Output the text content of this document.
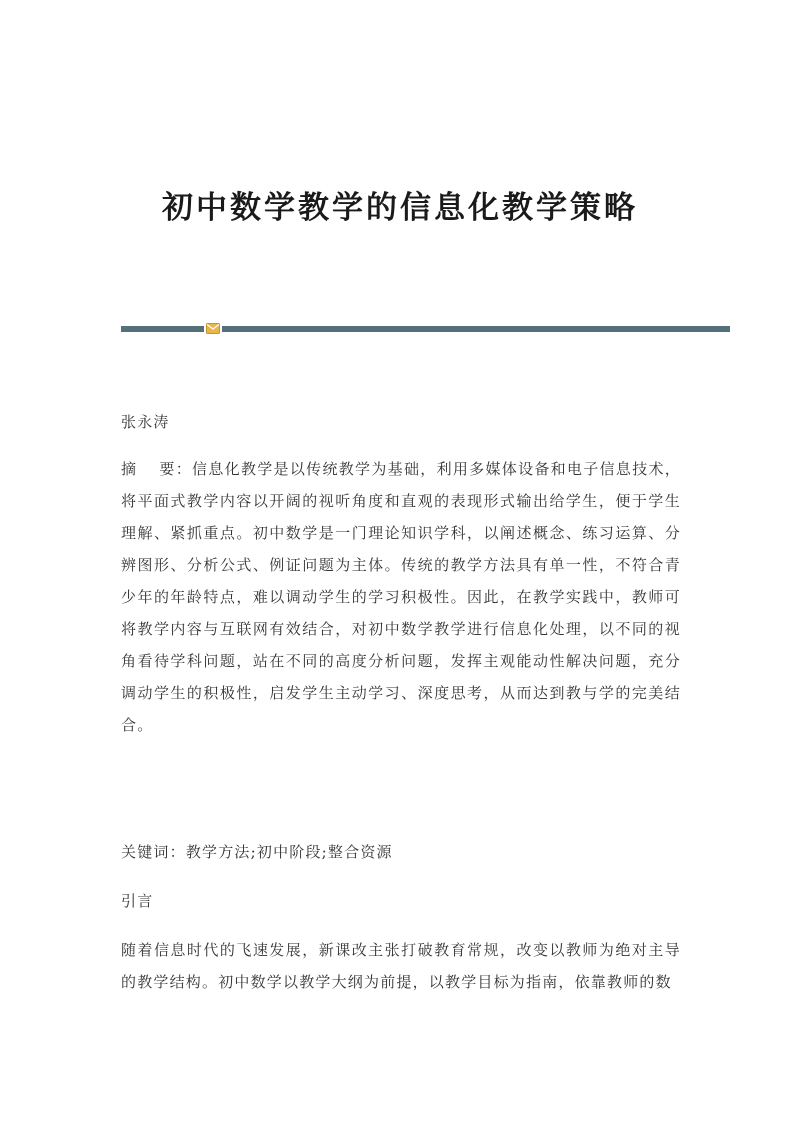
初中数学教学的信息化教学策略
张永涛
摘 要：信息化教学是以传统教学为基础，利用多媒体设备和电子信息技术，将平面式教学内容以开阔的视听角度和直观的表现形式输出给学生，便于学生理解、紧抓重点。初中数学是一门理论知识学科，以阐述概念、练习运算、分辨图形、分析公式、例证问题为主体。传统的教学方法具有单一性，不符合青少年的年龄特点，难以调动学生的学习积极性。因此，在教学实践中，教师可将教学内容与互联网有效结合，对初中数学教学进行信息化处理，以不同的视角看待学科问题，站在不同的高度分析问题，发挥主观能动性解决问题，充分调动学生的积极性，启发学生主动学习、深度思考，从而达到教与学的完美结合。
关键词：教学方法;初中阶段;整合资源
引言
随着信息时代的飞速发展，新课改主张打破教育常规，改变以教师为绝对主导的教学结构。初中数学以教学大纲为前提，以教学目标为指南，依靠教师的数
